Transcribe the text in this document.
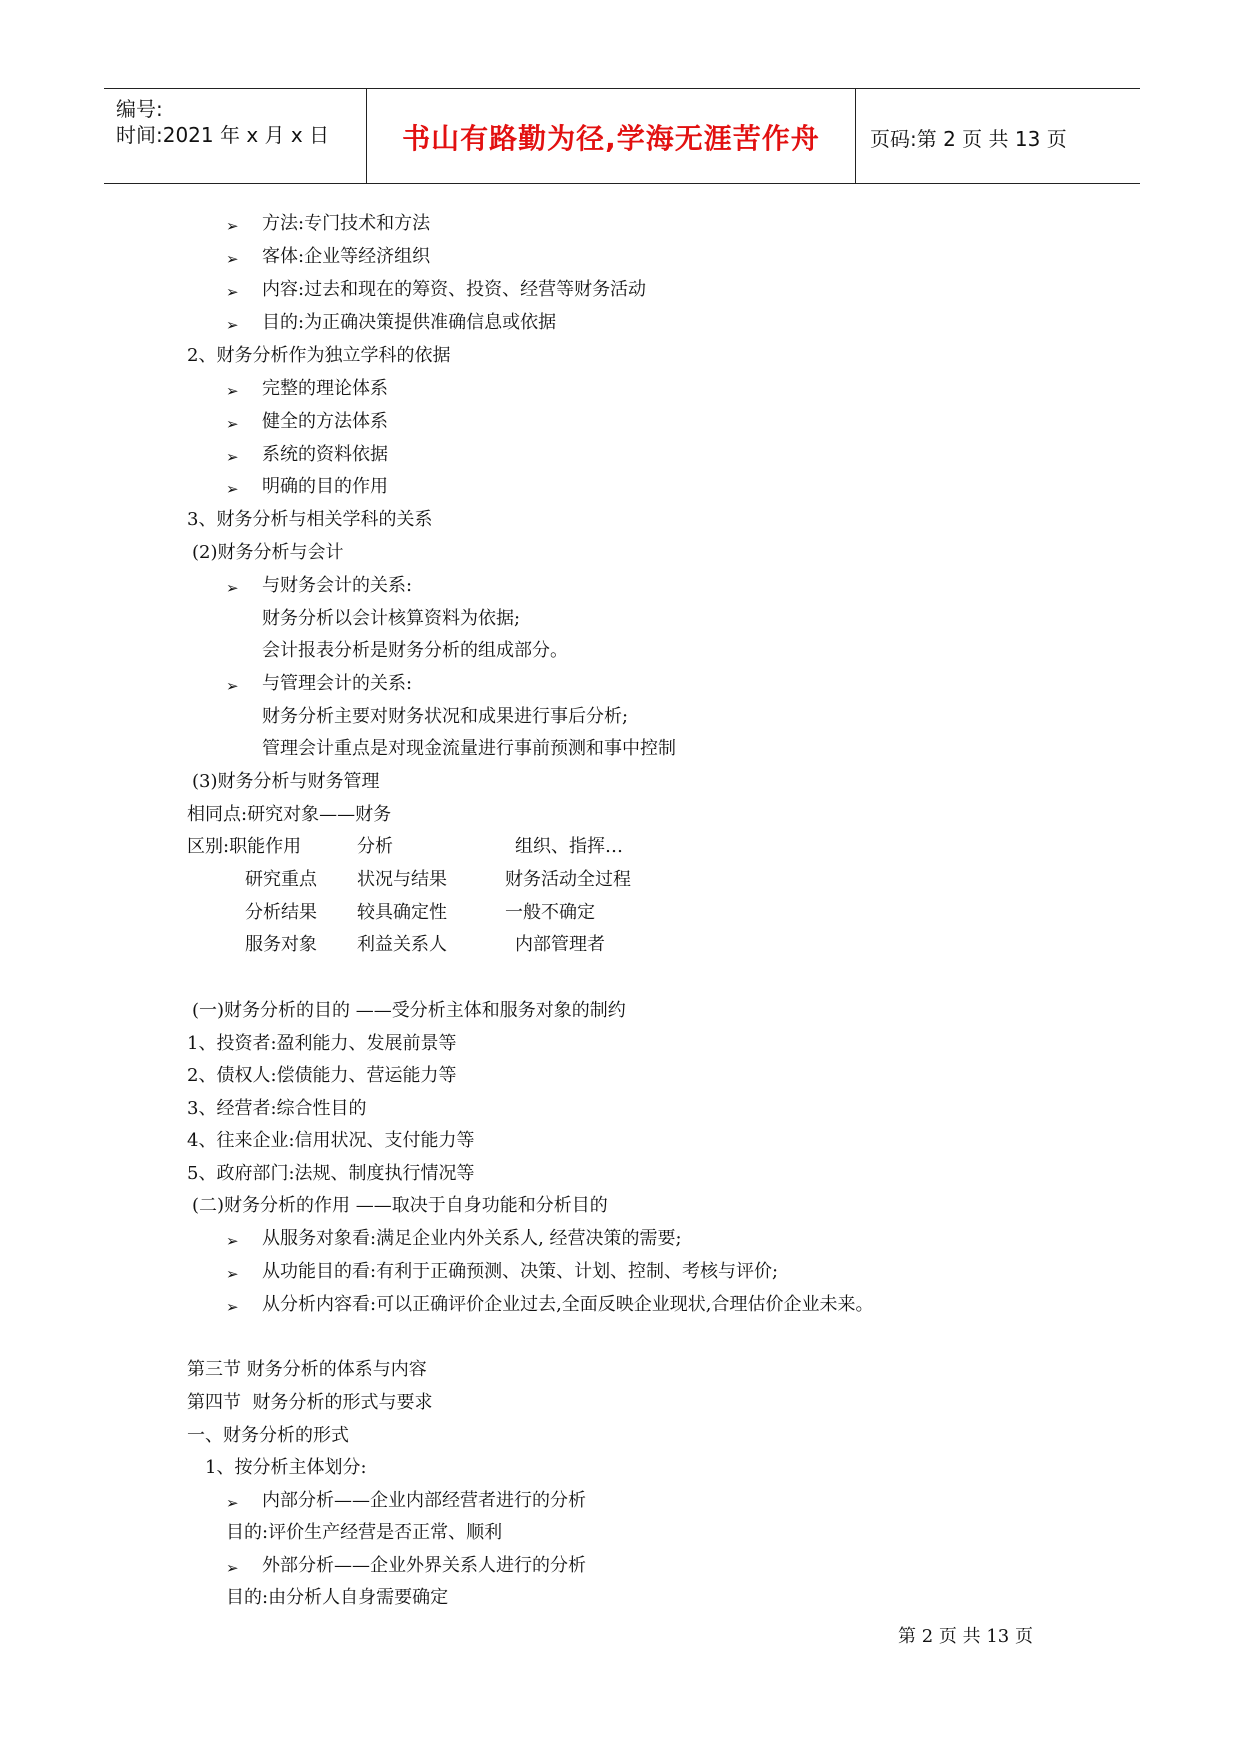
编号:
时间:2021 年 x 月 x 日	书山有路勤为径,学海无涯苦作舟	页码:第 2 页 共 13 页
➢ 方法:专门技术和方法
➢ 客体:企业等经济组织
➢ 内容:过去和现在的筹资、投资、经营等财务活动
➢ 目的:为正确决策提供准确信息或依据
2、财务分析作为独立学科的依据
➢ 完整的理论体系
➢ 健全的方法体系
➢ 系统的资料依据
➢ 明确的目的作用
3、财务分析与相关学科的关系
(2)财务分析与会计
➢ 与财务会计的关系:
财务分析以会计核算资料为依据;
会计报表分析是财务分析的组成部分。
➢ 与管理会计的关系:
财务分析主要对财务状况和成果进行事后分析;
管理会计重点是对现金流量进行事前预测和事中控制
(3)财务分析与财务管理
相同点:研究对象——财务
区别:职能作用	分析	组织、指挥…
研究重点 状况与结果	财务活动全过程
分析结果 较具确定性	一般不确定
服务对象 利益关系人	内部管理者
(一)财务分析的目的 ——受分析主体和服务对象的制约
1、投资者:盈利能力、发展前景等
2、债权人:偿债能力、营运能力等
3、经营者:综合性目的
4、往来企业:信用状况、支付能力等
5、政府部门:法规、制度执行情况等
(二)财务分析的作用 ——取决于自身功能和分析目的
➢ 从服务对象看:满足企业内外关系人, 经营决策的需要;
➢ 从功能目的看:有利于正确预测、决策、计划、控制、考核与评价;
➢ 从分析内容看:可以正确评价企业过去,全面反映企业现状,合理估价企业未来。
第三节 财务分析的体系与内容
第四节  财务分析的形式与要求
一、财务分析的形式
1、按分析主体划分:
➢ 内部分析——企业内部经营者进行的分析
目的:评价生产经营是否正常、顺利
➢ 外部分析——企业外界关系人进行的分析
目的:由分析人自身需要确定
第 2 页 共 13 页
